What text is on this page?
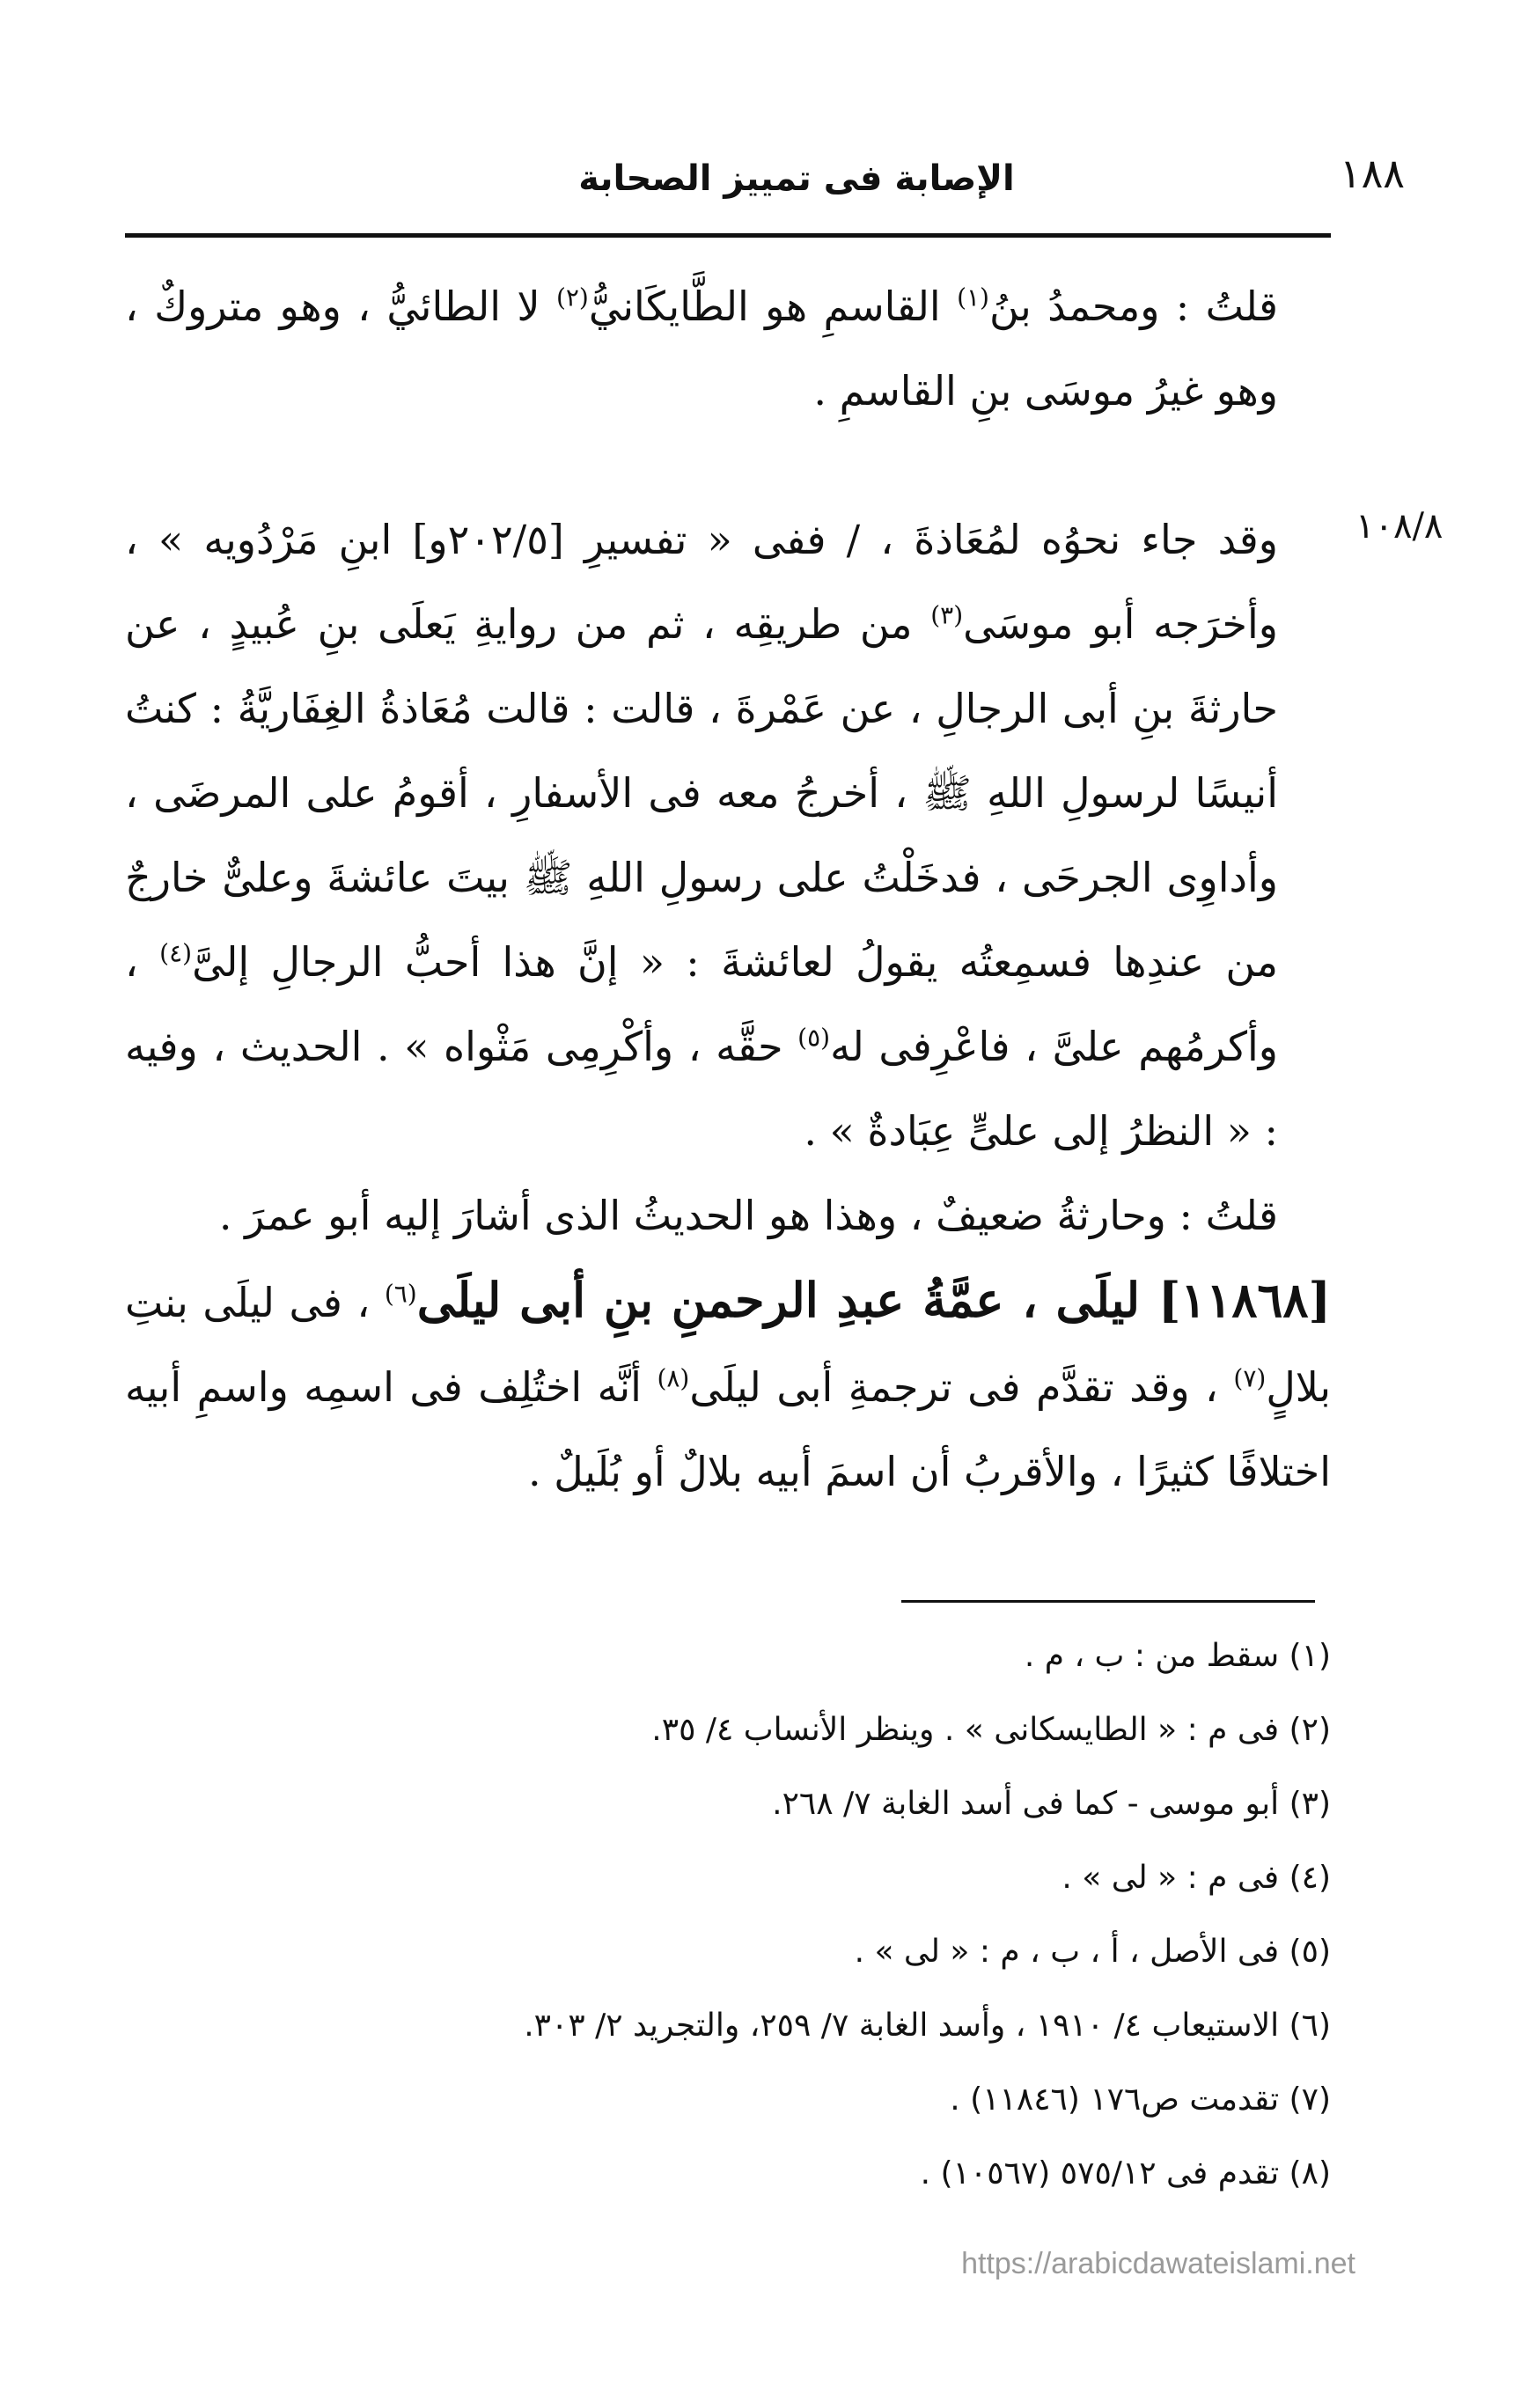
١٨٨
الإصابة فى تمييز الصحابة
١٠٨/٨

قلتُ : ومحمدُ بنُ$^{(١)}$ القاسمِ هو الطَّايكَانيُّ$^{(٢)}$ لا الطائيُّ ، وهو متروكٌ ، وهو غيرُ موسَى بنِ القاسمِ .

وقد جاء نحوُه لمُعَاذةَ ، / ففى « تفسيرِ [٢٠٢/٥و] ابنِ مَرْدُويه » ، وأخرَجه أبو موسَى$^{(٣)}$ من طريقِه ، ثم من روايةِ يَعلَى بنِ عُبيدٍ ، عن حارثةَ بنِ أبى الرجالِ ، عن عَمْرةَ ، قالت : قالت مُعَاذةُ الغِفَاريَّةُ : كنتُ أنيسًا لرسولِ اللهِ ﷺ ، أخرجُ معه فى الأسفارِ ، أقومُ على المرضَى ، وأداوِى الجرحَى ، فدخَلْتُ على رسولِ اللهِ ﷺ بيتَ عائشةَ وعلىٌّ خارجٌ من عندِها فسمِعتُه يقولُ لعائشةَ : « إنَّ هذا أحبُّ الرجالِ إلىَّ$^{(٤)}$ ، وأكرمُهم علىَّ ، فاعْرِفى له$^{(٥)}$ حقَّه ، وأكْرِمِى مَثْواه » . الحديث ، وفيه : « النظرُ إلى علىٍّ عِبَادةٌ » .

قلتُ : وحارثةُ ضعيفٌ ، وهذا هو الحديثُ الذى أشارَ إليه أبو عمرَ .

[١١٨٦٨] ليلَى ، عمَّةُ عبدِ الرحمنِ بنِ أبى ليلَى$^{(٦)}$ ، فى ليلَى بنتِ بلالٍ$^{(٧)}$ ، وقد تقدَّم فى ترجمةِ أبى ليلَى$^{(٨)}$ أنَّه اختُلِف فى اسمِه واسمِ أبيه اختلافًا كثيرًا ، والأقربُ أن اسمَ أبيه بلالٌ أو بُلَيلٌ .

(١) سقط من : ب ، م .
(٢) فى م : « الطايسكانى » . وينظر الأنساب ٤/ ٣٥.
(٣) أبو موسى - كما فى أسد الغابة ٧/ ٢٦٨.
(٤) فى م : « لى » .
(٥) فى الأصل ، أ ، ب ، م : « لى » .
(٦) الاستيعاب ٤/ ١٩١٠ ، وأسد الغابة ٧/ ٢٥٩، والتجريد ٢/ ٣٠٣.
(٧) تقدمت ص١٧٦ (١١٨٤٦) .
(٨) تقدم فى ٥٧٥/١٢ (١٠٥٦٧) .
https://arabicdawateislami.net
